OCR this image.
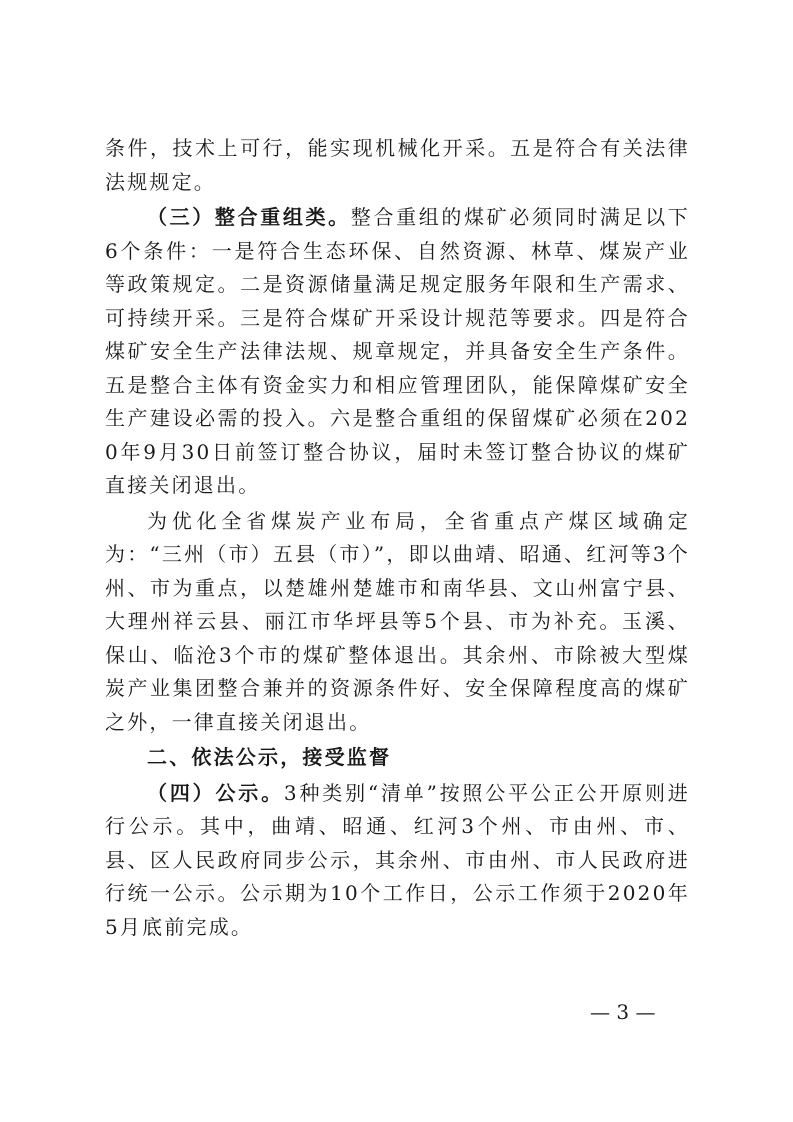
条件，技术上可行，能实现机械化开采。五是符合有关法律法规规定。

（三）整合重组类。整合重组的煤矿必须同时满足以下6个条件：一是符合生态环保、自然资源、林草、煤炭产业等政策规定。二是资源储量满足规定服务年限和生产需求、可持续开采。三是符合煤矿开采设计规范等要求。四是符合煤矿安全生产法律法规、规章规定，并具备安全生产条件。五是整合主体有资金实力和相应管理团队，能保障煤矿安全生产建设必需的投入。六是整合重组的保留煤矿必须在2020年9月30日前签订整合协议，届时未签订整合协议的煤矿直接关闭退出。

为优化全省煤炭产业布局，全省重点产煤区域确定为：“三州（市）五县（市）”，即以曲靖、昭通、红河等3个州、市为重点，以楚雄州楚雄市和南华县、文山州富宁县、大理州祥云县、丽江市华坪县等5个县、市为补充。玉溪、保山、临沧3个市的煤矿整体退出。其余州、市除被大型煤炭产业集团整合兼并的资源条件好、安全保障程度高的煤矿之外，一律直接关闭退出。

二、依法公示，接受监督

（四）公示。3种类别“清单”按照公平公正公开原则进行公示。其中，曲靖、昭通、红河3个州、市由州、市、县、区人民政府同步公示，其余州、市由州、市人民政府进行统一公示。公示期为10个工作日，公示工作须于2020年5月底前完成。

— 3 —
